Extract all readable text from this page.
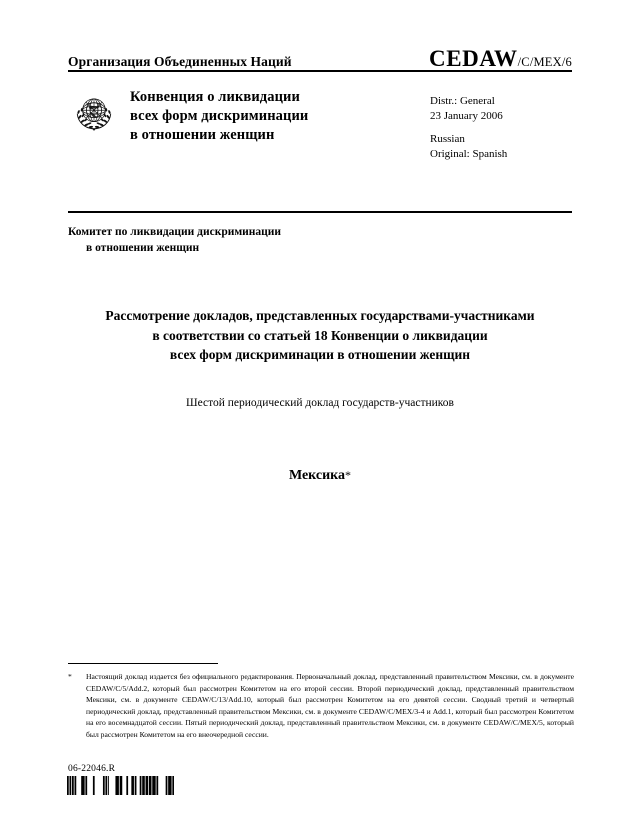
Организация Объединенных Наций	CEDAW /C/MEX/6
Конвенция о ликвидации
всех форм дискриминации
в отношении женщин
Distr.: General
23 January 2006
Russian
Original: Spanish
Комитет по ликвидации дискриминации
в отношении женщин
Рассмотрение докладов, представленных государствами-участниками
в соответствии со статьей 18 Конвенции о ликвидации
всех форм дискриминации в отношении женщин
Шестой периодический доклад государств-участников
Мексика*
*	Настоящий доклад издается без официального редактирования. Первоначальный доклад, представленный правительством Мексики, см. в документе CEDAW/C/5/Add.2, который был рассмотрен Комитетом на его второй сессии. Второй периодический доклад, представленный правительством Мексики, см. в документе CEDAW/C/13/Add.10, который был рассмотрен Комитетом на его девятой сессии. Сводный третий и четвертый периодический доклад, представленный правительством Мексики, см. в документе CEDAW/C/MEX/3-4 и Add.1, который был рассмотрен Комитетом на его восемнадцатой сессии. Пятый периодический доклад, представленный правительством Мексики, см. в документе CEDAW/C/MEX/5, который был рассмотрен Комитетом на его внеочередной сессии.
06-22046.R
